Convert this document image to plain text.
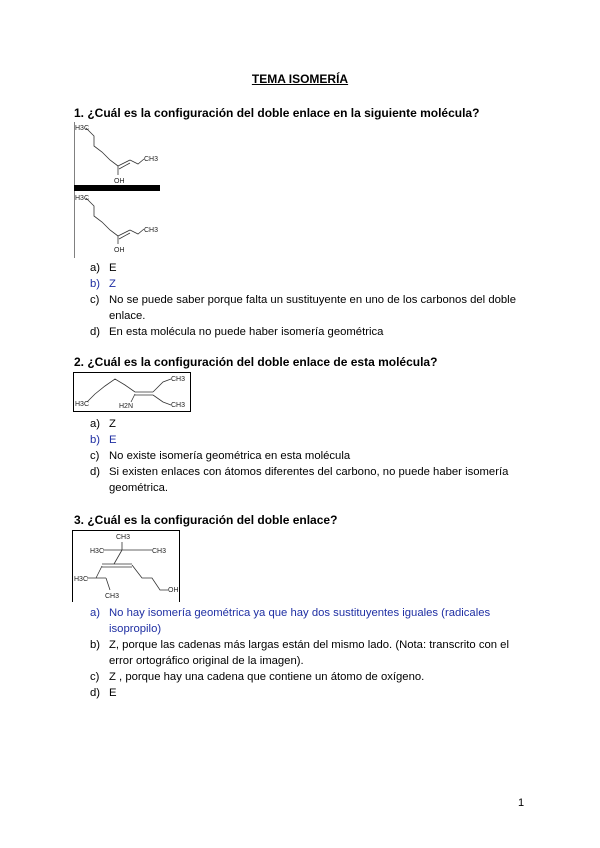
TEMA ISOMERÍA
1. ¿Cuál es la configuración del doble enlace en la siguiente molécula?
H3C
CH3
OH
H3C
CH3
OH
a) E
b) Z
c) No se puede saber porque falta un sustituyente en uno de los carbonos del doble enlace.
d) En esta molécula no puede haber isomería geométrica
2. ¿Cuál es la configuración del doble enlace de esta molécula?
H3C
CH3
CH3
H2N
a) Z
b) E
c) No existe isomería geométrica en esta molécula
d) Si existen enlaces con átomos diferentes del carbono, no puede haber isomería geométrica.
3. ¿Cuál es la configuración del doble enlace?
CH3
H3C	CH3
H3C
CH3
OH
a) No hay isomería geométrica ya que hay dos sustituyentes iguales (radicales isopropilo)
b) Z, porque las cadenas más largas están del mismo lado. (Nota: transcrito con el error ortográfico original de la imagen).
c) Z , porque hay una cadena que contiene un átomo de oxígeno.
d) E
1
